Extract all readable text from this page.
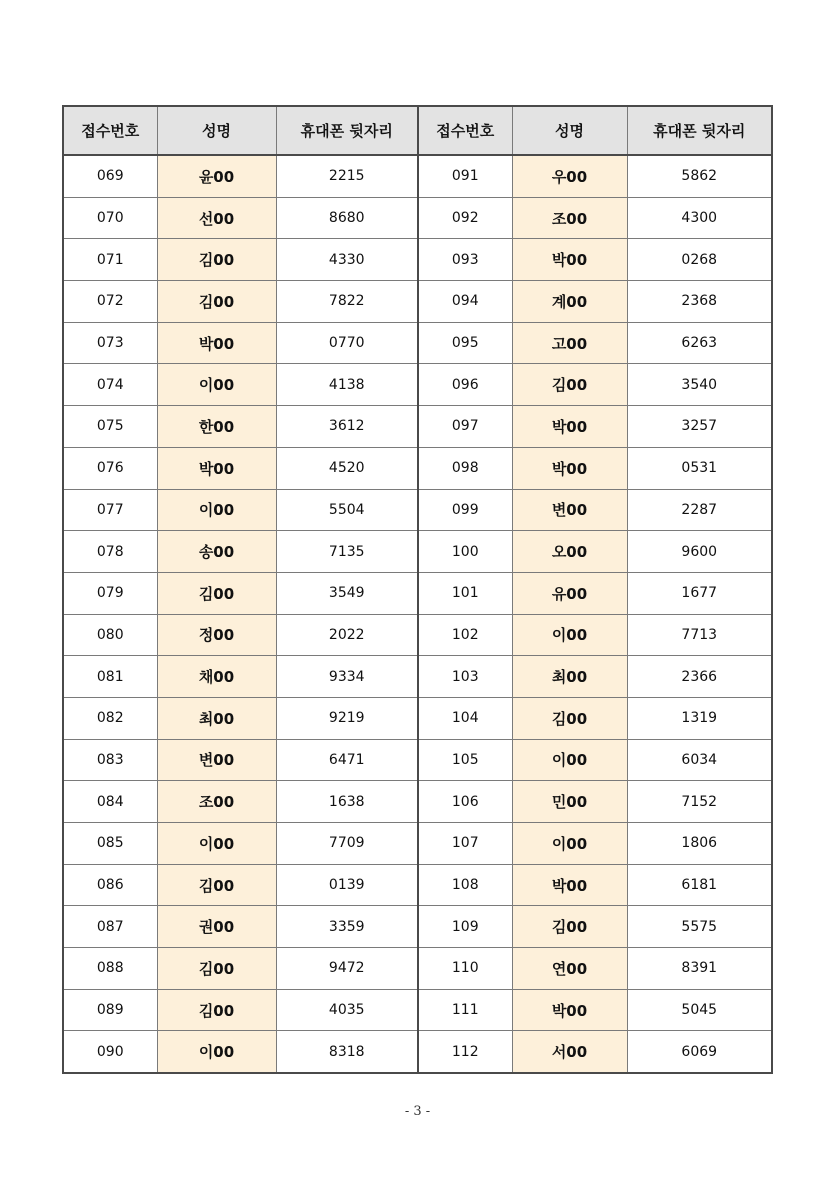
접수번호	성명	휴대폰 뒷자리	접수번호	성명	휴대폰 뒷자리
069	윤00	2215	091	우00	5862
070	선00	8680	092	조00	4300
071	김00	4330	093	박00	0268
072	김00	7822	094	계00	2368
073	박00	0770	095	고00	6263
074	이00	4138	096	김00	3540
075	한00	3612	097	박00	3257
076	박00	4520	098	박00	0531
077	이00	5504	099	변00	2287
078	송00	7135	100	오00	9600
079	김00	3549	101	유00	1677
080	정00	2022	102	이00	7713
081	채00	9334	103	최00	2366
082	최00	9219	104	김00	1319
083	변00	6471	105	이00	6034
084	조00	1638	106	민00	7152
085	이00	7709	107	이00	1806
086	김00	0139	108	박00	6181
087	권00	3359	109	김00	5575
088	김00	9472	110	연00	8391
089	김00	4035	111	박00	5045
090	이00	8318	112	서00	6069
- 3 -
